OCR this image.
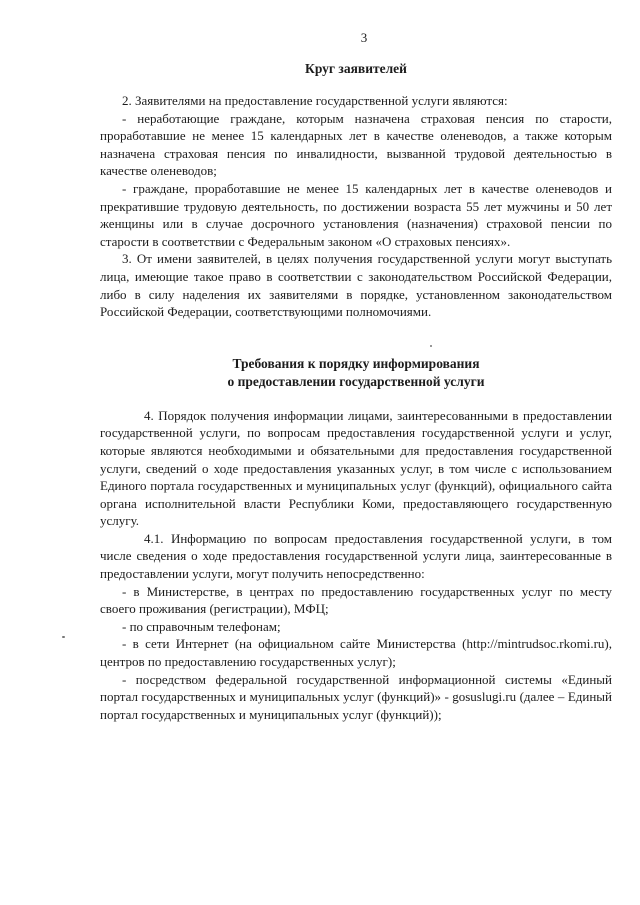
3
Круг заявителей

2. Заявителями на предоставление государственной услуги являются:

- неработающие граждане, которым назначена страховая пенсия по старости, проработавшие не менее 15 календарных лет в качестве оленеводов, а также которым назначена страховая пенсия по инвалидности, вызванной трудовой деятельностью в качестве оленеводов;

- граждане, проработавшие не менее 15 календарных лет в качестве оленеводов и прекратившие трудовую деятельность, по достижении возраста 55 лет мужчины и 50 лет женщины или в случае досрочного установления (назначения) страховой пенсии по старости в соответствии с Федеральным законом «О страховых пенсиях».

3. От имени заявителей, в целях получения государственной услуги могут выступать лица, имеющие такое право в соответствии с законодательством Российской Федерации, либо в силу наделения их заявителями в порядке, установленном законодательством Российской Федерации, соответствующими полномочиями.

Требования к порядку информирования
о предоставлении государственной услуги

4. Порядок получения информации лицами, заинтересованными в предоставлении государственной услуги, по вопросам предоставления государственной услуги и услуг, которые являются необходимыми и обязательными для предоставления государственной услуги, сведений о ходе предоставления указанных услуг, в том числе с использованием Единого портала государственных и муниципальных услуг (функций), официального сайта органа исполнительной власти Республики Коми, предоставляющего государственную услугу.

4.1. Информацию по вопросам предоставления государственной услуги, в том числе сведения о ходе предоставления государственной услуги лица, заинтересованные в предоставлении услуги, могут получить непосредственно:

- в Министерстве, в центрах по предоставлению государственных услуг по месту своего проживания (регистрации), МФЦ;

- по справочным телефонам;

- в сети Интернет (на официальном сайте Министерства (http://mintrudsoc.rkomi.ru), центров по предоставлению государственных услуг);

- посредством федеральной государственной информационной системы «Единый портал государственных и муниципальных услуг (функций)» - gosuslugi.ru (далее – Единый портал государственных и муниципальных услуг (функций));
